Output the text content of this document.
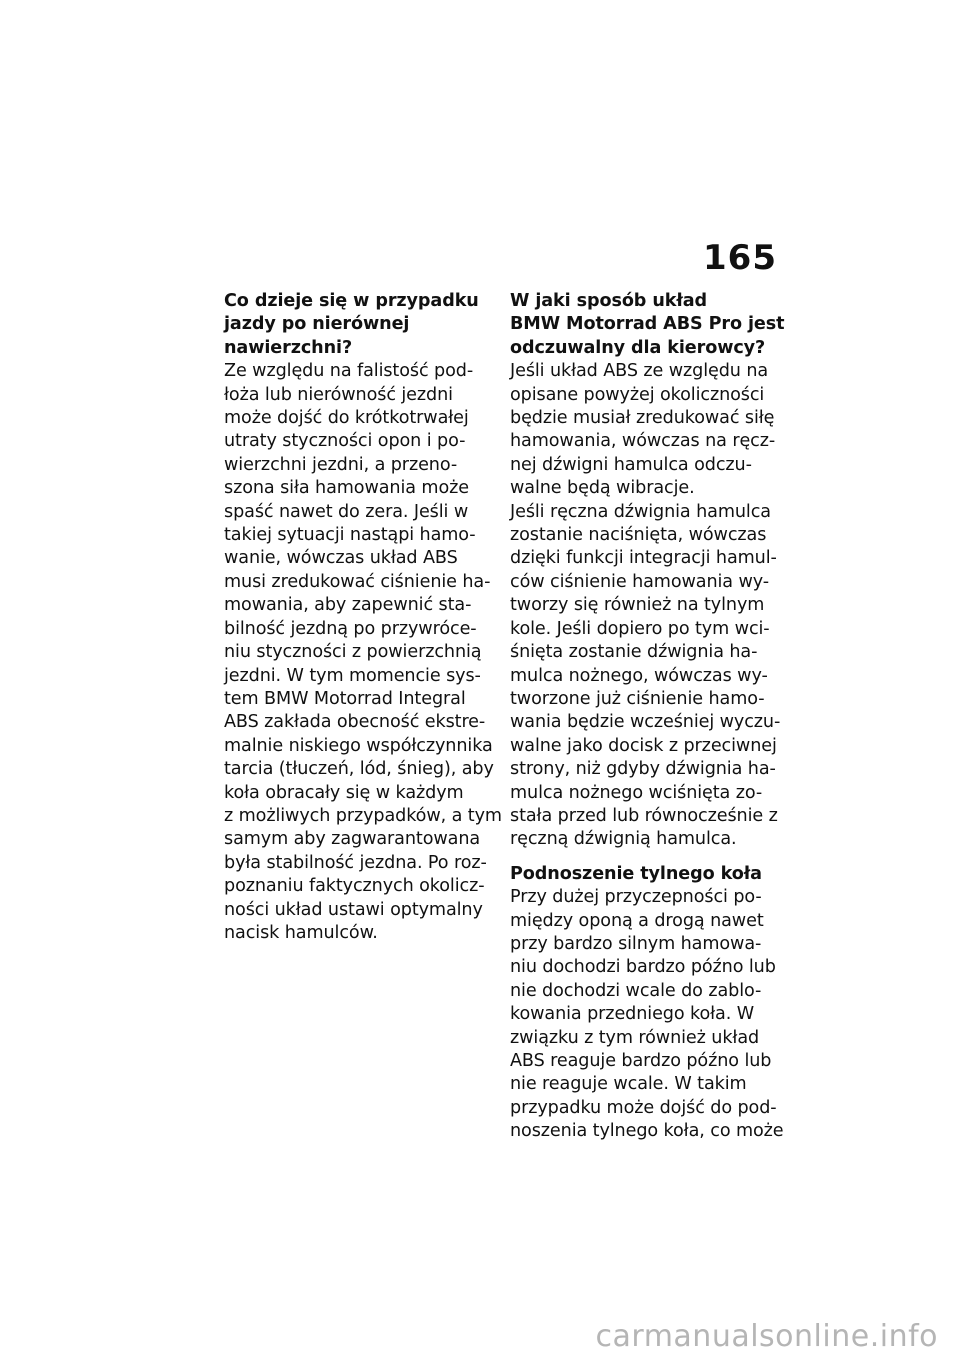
165
Co dzieje się w przypadku
jazdy po nierównej
nawierzchni?
Ze względu na falistość pod-
łoża lub nierówność jezdni
może dojść do krótkotrwałej
utraty styczności opon i po-
wierzchni jezdni, a przeno-
szona siła hamowania może
spaść nawet do zera. Jeśli w
takiej sytuacji nastąpi hamo-
wanie, wówczas układ ABS
musi zredukować ciśnienie ha-
mowania, aby zapewnić sta-
bilność jezdną po przywróce-
niu styczności z powierzchnią
jezdni. W tym momencie sys-
tem BMW Motorrad Integral
ABS zakłada obecność ekstre-
malnie niskiego współczynnika
tarcia (tłuczeń, lód, śnieg), aby
koła obracały się w każdym
z możliwych przypadków, a tym
samym aby zagwarantowana
była stabilność jezdna. Po roz-
poznaniu faktycznych okolicz-
ności układ ustawi optymalny
nacisk hamulców.
W jaki sposób układ
BMW Motorrad ABS Pro jest
odczuwalny dla kierowcy?
Jeśli układ ABS ze względu na
opisane powyżej okoliczności
będzie musiał zredukować siłę
hamowania, wówczas na ręcz-
nej dźwigni hamulca odczu-
walne będą wibracje.
Jeśli ręczna dźwignia hamulca
zostanie naciśnięta, wówczas
dzięki funkcji integracji hamul-
ców ciśnienie hamowania wy-
tworzy się również na tylnym
kole. Jeśli dopiero po tym wci-
śnięta zostanie dźwignia ha-
mulca nożnego, wówczas wy-
tworzone już ciśnienie hamo-
wania będzie wcześniej wyczu-
walne jako docisk z przeciwnej
strony, niż gdyby dźwignia ha-
mulca nożnego wciśnięta zo-
stała przed lub równocześnie z
ręczną dźwignią hamulca.
Podnoszenie tylnego koła
Przy dużej przyczepności po-
między oponą a drogą nawet
przy bardzo silnym hamowa-
niu dochodzi bardzo późno lub
nie dochodzi wcale do zablo-
kowania przedniego koła. W
związku z tym również układ
ABS reaguje bardzo późno lub
nie reaguje wcale. W takim
przypadku może dojść do pod-
noszenia tylnego koła, co może
carmanualsonline.info
